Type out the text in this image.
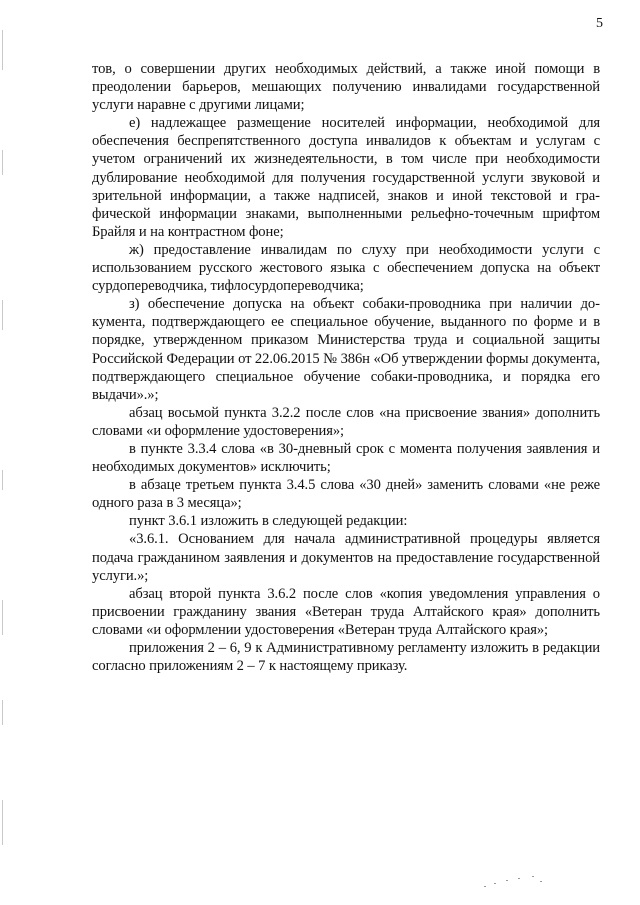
5

тов, о совершении других необходимых действий, а также иной помощи в преодолении барьеров, мешающих получению инвалидами государственной услуги наравне с другими лицами;

е) надлежащее размещение носителей информации, необходимой для обеспечения беспрепятственного доступа инвалидов к объектам и услугам с учетом ограничений их жизнедеятельности, в том числе при необходимости дублирование необходимой для получения государственной услуги звуковой и зрительной информации, а также надписей, знаков и иной текстовой и графической информации знаками, выполненными рельефно-точечным шрифтом Брайля и на контрастном фоне;

ж) предоставление инвалидам по слуху при необходимости услуги с использованием русского жестового языка с обеспечением допуска на объект сурдопереводчика, тифлосурдопереводчика;

з) обеспечение допуска на объект собаки-проводника при наличии документа, подтверждающего ее специальное обучение, выданного по форме и в порядке, утвержденном приказом Министерства труда и социальной защиты Российской Федерации от 22.06.2015 № 386н «Об утверждении формы документа, подтверждающего специальное обучение собаки-проводника, и порядка его выдачи».»;

абзац восьмой пункта 3.2.2 после слов «на присвоение звания» дополнить словами «и оформление удостоверения»;

в пункте 3.3.4 слова «в 30-дневный срок с момента получения заявления и необходимых документов» исключить;

в абзаце третьем пункта 3.4.5 слова «30 дней» заменить словами «не реже одного раза в 3 месяца»;

пункт 3.6.1 изложить в следующей редакции:

«3.6.1. Основанием для начала административной процедуры является подача гражданином заявления и документов на предоставление государственной услуги.»;

абзац второй пункта 3.6.2 после слов «копия уведомления управления о присвоении гражданину звания «Ветеран труда Алтайского края» дополнить словами «и оформлении удостоверения «Ветеран труда Алтайского края»;

приложения 2 – 6, 9 к Административному регламенту изложить в редакции согласно приложениям 2 – 7 к настоящему приказу.
